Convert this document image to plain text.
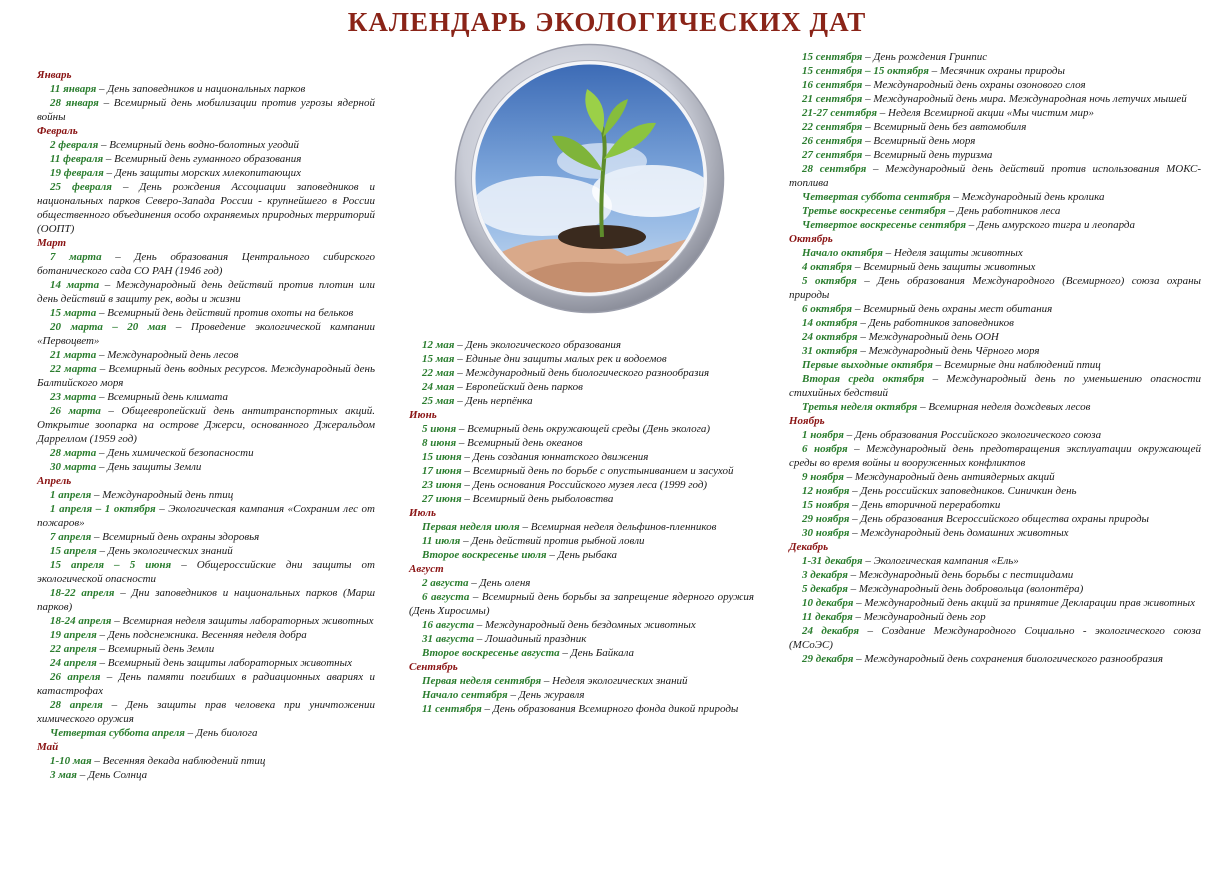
КАЛЕНДАРЬ ЭКОЛОГИЧЕСКИХ ДАТ

Январь

11 января – День заповедников и национальных парков

28 января – Всемирный день мобилизации против угрозы ядерной войны

Февраль

2 февраля – Всемирный день водно-болотных угодий

11 февраля – Всемирный день гуманного образования

19 февраля – День защиты морских млекопитающих

25 февраля – День рождения Ассоциации заповедников и национальных парков Северо-Запада России - крупнейшего в России общественного объединения особо охраняемых природных территорий (ООПТ)

Март

7 марта – День образования Центрального сибирского ботанического сада СО РАН (1946 год)

14 марта – Международный день действий против плотин или день действий в защиту рек, воды и жизни

15 марта – Всемирный день действий против охоты на бельков

20 марта – 20 мая – Проведение экологической кампании «Первоцвет»

21 марта – Международный день лесов

22 марта – Всемирный день водных ресурсов. Международный день Балтийского моря

23 марта – Всемирный день климата

26 марта – Общеевропейский день антитранспортных акций. Открытие зоопарка на острове Джерси, основанного Джеральдом Дарреллом (1959 год)

28 марта – День химической безопасности

30 марта – День защиты Земли

Апрель

1 апреля – Международный день птиц

1 апреля – 1 октября – Экологическая кампания «Сохраним лес от пожаров»

7 апреля – Всемирный день охраны здоровья

15 апреля – День экологических знаний

15 апреля – 5 июня – Общероссийские дни защиты от экологической опасности

18-22 апреля – Дни заповедников и национальных парков (Марш парков)

18-24 апреля – Всемирная неделя защиты лабораторных животных

19 апреля – День подснежника. Весенняя неделя добра

22 апреля – Всемирный день Земли

24 апреля – Всемирный день защиты лабораторных животных

26 апреля – День памяти погибших в радиационных авариях и катастрофах

28 апреля – День защиты прав человека при уничтожении химического оружия

Четвертая суббота апреля – День биолога

Май

1-10 мая – Весенняя декада наблюдений птиц

3 мая – День Солнца

12 мая – День экологического образования

15 мая – Единые дни защиты малых рек и водоемов

22 мая – Международный день биологического разнообразия

24 мая – Европейский день парков

25 мая – День нерпёнка

Июнь

5 июня – Всемирный день окружающей среды (День эколога)

8 июня – Всемирный день океанов

15 июня – День создания юннатского движения

17 июня – Всемирный день по борьбе с опустыниванием и засухой

23 июня – День основания Российского музея леса (1999 год)

27 июня – Всемирный день рыболовства

Июль

Первая неделя июля – Всемирная неделя дельфинов-пленников

11 июля – День действий против рыбной ловли

Второе воскресенье июля – День рыбака

Август

2 августа – День оленя

6 августа – Всемирный день борьбы за запрещение ядерного оружия (День Хиросимы)

16 августа – Международный день бездомных животных

31 августа – Лошадиный праздник

Второе воскресенье августа – День Байкала

Сентябрь

Первая неделя сентября – Неделя экологических знаний

Начало сентября – День журавля

11 сентября – День образования Всемирного фонда дикой природы

15 сентября – День рождения Гринпис

15 сентября – 15 октября – Месячник охраны природы

16 сентября – Международный день охраны озонового слоя

21 сентября – Международный день мира. Международная ночь летучих мышей

21-27 сентября – Неделя Всемирной акции «Мы чистим мир»

22 сентября – Всемирный день без автомобиля

26 сентября – Всемирный день моря

27 сентября – Всемирный день туризма

28 сентября – Международный день действий против использования МОКС-топлива

Четвертая суббота сентября – Международный день кролика

Третье воскресенье сентября – День работников леса

Четвертое воскресенье сентября – День амурского тигра и леопарда

Октябрь

Начало октября – Неделя защиты животных

4 октября – Всемирный день защиты животных

5 октября – День образования Международного (Всемирного) союза охраны природы

6 октября – Всемирный день охраны мест обитания

14 октября – День работников заповедников

24 октября – Международный день ООН

31 октября – Международный день Чёрного моря

Первые выходные октября – Всемирные дни наблюдений птиц

Вторая среда октября – Международный день по уменьшению опасности стихийных бедствий

Третья неделя октября – Всемирная неделя дождевых лесов

Ноябрь

1 ноября – День образования Российского экологического союза

6 ноября – Международный день предотвращения эксплуатации окружающей среды во время войны и вооруженных конфликтов

9 ноября – Международный день антиядерных акций

12 ноября – День российских заповедников. Синичкин день

15 ноября – День вторичной переработки

29 ноября – День образования Всероссийского общества охраны природы

30 ноября – Международный день домашних животных

Декабрь

1-31 декабря – Экологическая кампания «Ель»

3 декабря – Международный день борьбы с пестицидами

5 декабря – Международный день добровольца (волонтёра)

10 декабря – Международный день акций за принятие Декларации прав животных

11 декабря – Международный день гор

24 декабря – Создание Международного Социально - экологического союза (МСоЭС)

29 декабря – Международный день сохранения биологического разнообразия
